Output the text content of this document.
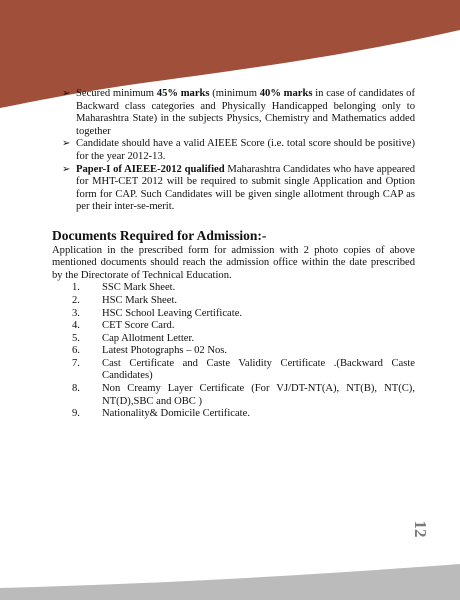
12
➢ Secured minimum 45% marks (minimum 40% marks in case of candidates of Backward class categories and Physically Handicapped belonging only to Maharashtra State) in the subjects Physics, Chemistry and Mathematics added together
➢ Candidate should have a valid AIEEE Score (i.e. total score should be positive) for the year 2012-13.
➢ Paper-I of AIEEE-2012 qualified Maharashtra Candidates who have appeared for MHT-CET 2012 will be required to submit single Application and Option form for CAP. Such Candidates will be given single allotment through CAP as per their inter-se-merit.
Documents Required for Admission:-

Application in the prescribed form for admission with 2 photo copies of above mentioned documents should reach the admission office within the date prescribed by the Directorate of Technical Education.

1.	SSC Mark Sheet.
2.	HSC Mark Sheet.
3.	HSC School Leaving Certificate.
4.	CET Score Card.
5.	Cap Allotment Letter.
6.	Latest Photographs – 02 Nos.
7.	Cast Certificate and Caste Validity Certificate .(Backward Caste Candidates)
8.	Non Creamy Layer Certificate (For VJ/DT-NT(A), NT(B), NT(C), NT(D),SBC and OBC )
9.	Nationality& Domicile Certificate.
